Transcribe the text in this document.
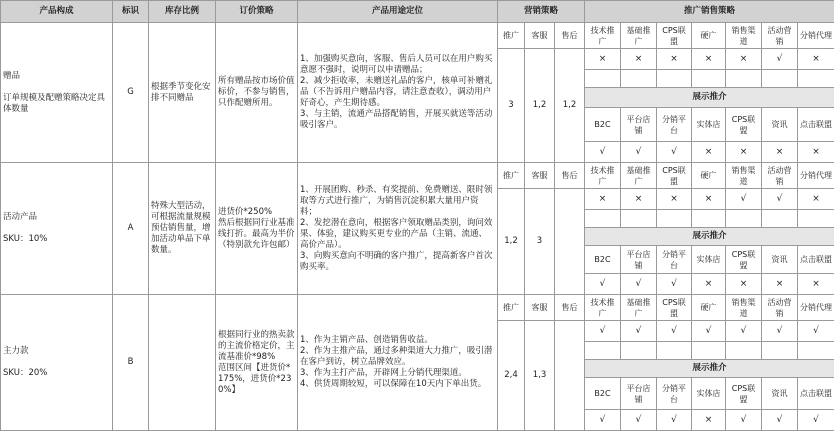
产品构成	标识	库存比例	订价策略	产品用途定位	营销策略			推广销售策略						
赠品

订单规模及配赠策略决定具体数量	G	根据季节变化安排不同赠品	所有赠品按市场价值标价，不参与销售，只作配赠所用。	1、加强购买意向，客服、售后人员可以在用户购买意愿不强时，说明可以申请赠品；
2、减少拒收率，未赠送礼品的客户，核单可补赠礼品（不告诉用户赠品内容，请注意查收），调动用户好奇心，产生期待感。
3、与主销，流通产品搭配销售，开展买就送等活动吸引客户。	推广	客服	售后	技术推广	基础推广	CPS联盟	硬广	销售渠道	活动营销	分销代理
					3	1,2	1,2	×	×	×	×	×	√	×

								展示推介						
								B2C	平台店铺	分销平台	实体店	CPS联盟	资讯	点击联盟
								√	√	√	×	×	×	×
活动产品

SKU：10%	A	特殊大型活动，可根据流量规模预估销售量，增加活动单品下单数量。	进货价*250%
然后根据同行业基准线打折。最高为半价（特别款允许包邮）	1、开展团购、秒杀、有奖提前、免费赠送、限时领取等方式进行推广，为销售沉淀积累大量用户资料；
2、发挖潜在意向，根据客户领取赠品类别，询问效果、体验，建议购买更专业的产品（主销、流通、高价产品）。
3、向购买意向不明确的客户推广，提高新客户首次购买率。	推广	客服	售后	技术推广	基础推广	CPS联盟	硬广	销售渠道	活动营销	分销代理
					1,2	3		×	×	×	×	√	√	×

								展示推介						
								B2C	平台店铺	分销平台	实体店	CPS联盟	资讯	点击联盟
								√	√	√	×	×	×	×
主力款

SKU：20%	B		根据同行业的热卖款的主流价格定价，主流基准价*98%
范围区间【进货价*175%，进货价*230%】	1、作为主销产品、创造销售收益。
2、作为主推产品，通过多种渠道大力推广，吸引潜在客户到访，树立品牌效应。
3、作为主打产品，开辟网上分销代理渠道。
4、供货周期较短，可以保障在10天内下单出货。	推广	客服	售后	技术推广	基础推广	CPS联盟	硬广	销售渠道	活动营销	分销代理
					2,4	1,3		√	√	√	√	√	√	√

								展示推介						
								B2C	平台店铺	分销平台	实体店	CPS联盟	资讯	点击联盟
								√	√	√	×	√	√	√
